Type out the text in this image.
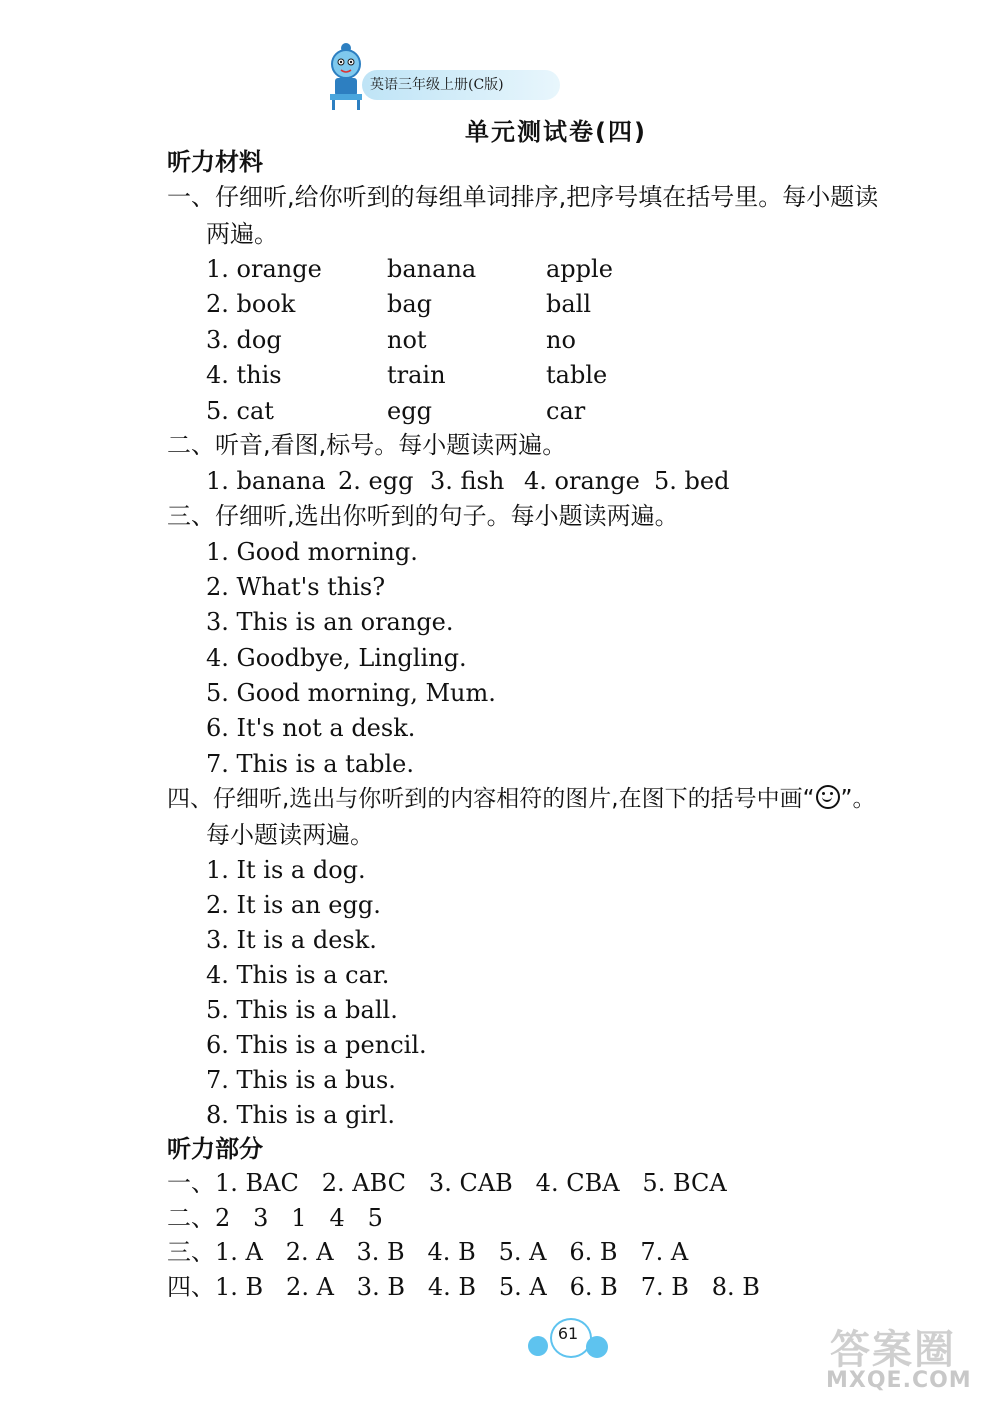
英语三年级上册(C版)
单元测试卷(四)
听力材料
一、仔细听,给你听到的每组单词排序,把序号填在括号里。每小题读
两遍。
1. orange	banana	apple
2. book	bag	ball
3. dog	not	no
4. this	train	table
5. cat	egg	car
二、听音,看图,标号。每小题读两遍。
1. banana 2. egg 3. fish 4. orange 5. bed
三、仔细听,选出你听到的句子。每小题读两遍。
1. Good morning.
2. What's this?
3. This is an orange.
4. Goodbye, Lingling.
5. Good morning, Mum.
6. It's not a desk.
7. This is a table.
四、仔细听,选出与你听到的内容相符的图片,在图下的括号中画“ ”。
每小题读两遍。
1. It is a dog.
2. It is an egg.
3. It is a desk.
4. This is a car.
5. This is a ball.
6. This is a pencil.
7. This is a bus.
8. This is a girl.
听力部分
一、1. BAC   2. ABC   3. CAB   4. CBA   5. BCA
二、2   3   1   4   5
三、1. A   2. A   3. B   4. B   5. A   6. B   7. A
四、1. B   2. A   3. B   4. B   5. A   6. B   7. B   8. B
61	答案圈
MXQE.COM
